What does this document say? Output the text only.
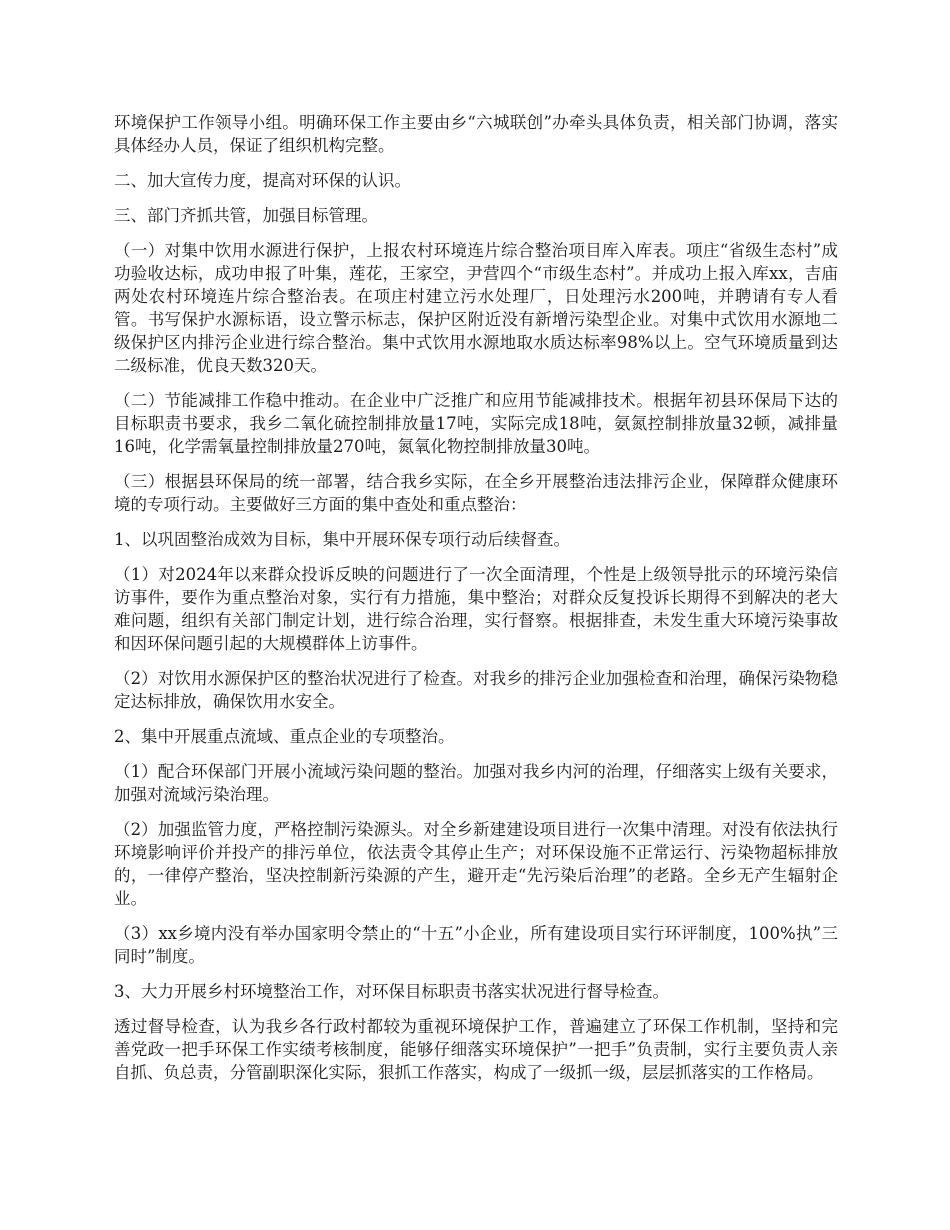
环境保护工作领导小组。明确环保工作主要由乡“六城联创”办牵头具体负责，相关部门协调，落实具体经办人员，保证了组织机构完整。

二、加大宣传力度，提高对环保的认识。

三、部门齐抓共管，加强目标管理。

（一）对集中饮用水源进行保护，上报农村环境连片综合整治项目库入库表。项庄“省级生态村”成功验收达标，成功申报了叶集，莲花，王家空，尹营四个“市级生态村”。并成功上报入库xx，吉庙两处农村环境连片综合整治表。在项庄村建立污水处理厂，日处理污水200吨，并聘请有专人看管。书写保护水源标语，设立警示标志，保护区附近没有新增污染型企业。对集中式饮用水源地二级保护区内排污企业进行综合整治。集中式饮用水源地取水质达标率98%以上。空气环境质量到达二级标准，优良天数320天。

（二）节能减排工作稳中推动。在企业中广泛推广和应用节能减排技术。根据年初县环保局下达的目标职责书要求，我乡二氧化硫控制排放量17吨，实际完成18吨，氨氮控制排放量32顿，减排量16吨，化学需氧量控制排放量270吨，氮氧化物控制排放量30吨。

（三）根据县环保局的统一部署，结合我乡实际，在全乡开展整治违法排污企业，保障群众健康环境的专项行动。主要做好三方面的集中查处和重点整治：

1、以巩固整治成效为目标，集中开展环保专项行动后续督查。

（1）对2024年以来群众投诉反映的问题进行了一次全面清理，个性是上级领导批示的环境污染信访事件，要作为重点整治对象，实行有力措施，集中整治；对群众反复投诉长期得不到解决的老大难问题，组织有关部门制定计划，进行综合治理，实行督察。根据排查，未发生重大环境污染事故和因环保问题引起的大规模群体上访事件。

（2）对饮用水源保护区的整治状况进行了检查。对我乡的排污企业加强检查和治理，确保污染物稳定达标排放，确保饮用水安全。

2、集中开展重点流域、重点企业的专项整治。

（1）配合环保部门开展小流域污染问题的整治。加强对我乡内河的治理，仔细落实上级有关要求，加强对流域污染治理。

（2）加强监管力度，严格控制污染源头。对全乡新建建设项目进行一次集中清理。对没有依法执行环境影响评价并投产的排污单位，依法责令其停止生产；对环保设施不正常运行、污染物超标排放的，一律停产整治，坚决控制新污染源的产生，避开走“先污染后治理”的老路。全乡无产生辐射企业。

（3）xx乡境内没有举办国家明令禁止的“十五”小企业，所有建设项目实行环评制度，100%执”三同时”制度。

3、大力开展乡村环境整治工作，对环保目标职责书落实状况进行督导检查。

透过督导检查，认为我乡各行政村都较为重视环境保护工作，普遍建立了环保工作机制，坚持和完善党政一把手环保工作实绩考核制度，能够仔细落实环境保护”一把手”负责制，实行主要负责人亲自抓、负总责，分管副职深化实际，狠抓工作落实，构成了一级抓一级，层层抓落实的工作格局。
